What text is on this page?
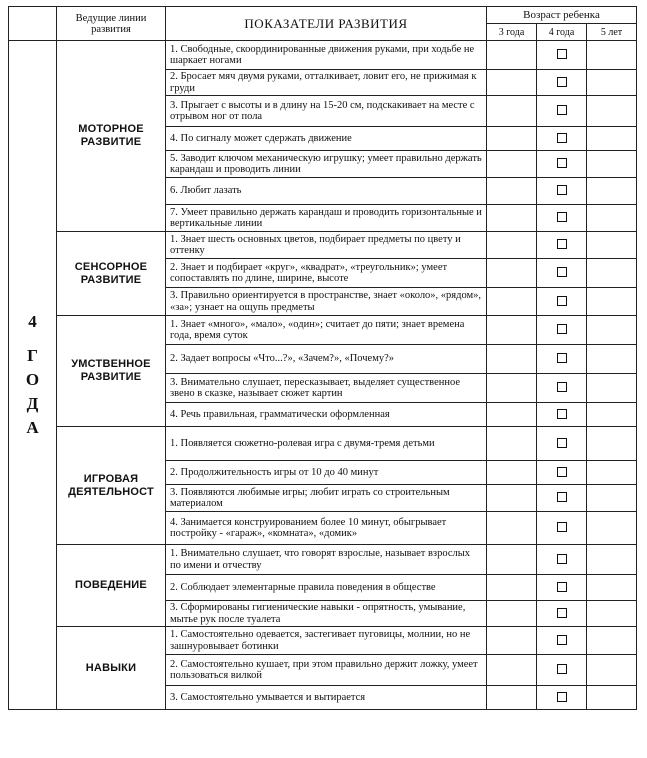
	Ведущие линии развития	ПОКАЗАТЕЛИ РАЗВИТИЯ	Возраст ребенка		
			3 года	4 года	5 лет

4
Г
О
Д
А	МОТОРНОЕ РАЗВИТИЕ	1. Свободные, скоординированные движения руками, при ходьбе не шаркает ногами			
		2. Бросает мяч двумя руками, отталкивает, ловит его, не прижимая к груди			
		3. Прыгает с высоты и в длину на 15-20 см, подскакивает на месте с отрывом ног от пола			
		4. По сигналу может сдержать движение			
		5. Заводит ключом механическую игрушку; умеет правильно держать карандаш и проводить линии			
		6. Любит лазать			
		7. Умеет правильно держать карандаш и проводить горизонтальные и вертикальные линии			
	СЕНСОРНОЕ РАЗВИТИЕ	1. Знает шесть основных цветов, подбирает предметы по цвету и оттенку			
		2. Знает и подбирает «круг», «квадрат», «треугольник»; умеет сопоставлять по длине, ширине, высоте			
		3. Правильно ориентируется в пространстве, знает «около», «рядом», «за»; узнает на ощупь предметы			
	УМСТВЕННОЕ РАЗВИТИЕ	1. Знает «много», «мало», «один»; считает до пяти; знает времена года, время суток			
		2. Задает вопросы «Что...?», «Зачем?», «Почему?»			
		3. Внимательно слушает, пересказывает, выделяет существенное звено в сказке, называет сюжет картин			
		4. Речь правильная, грамматически оформленная			
	ИГРОВАЯ ДЕЯТЕЛЬНОСТ	1. Появляется сюжетно-ролевая игра с двумя-тремя детьми			
		2. Продолжительность игры от 10 до 40 минут			
		3. Появляются любимые игры; любит играть со строительным материалом			
		4. Занимается конструированием более 10 минут, обыгрывает постройку - «гараж», «комната», «домик»			
	ПОВЕДЕНИЕ	1. Внимательно слушает, что говорят взрослые, называет взрослых по имени и отчеству			
		2. Соблюдает элементарные правила поведения в обществе			
		3. Сформированы гигиенические навыки - опрятность, умывание, мытье рук после туалета			
	НАВЫКИ	1. Самостоятельно одевается, застегивает пуговицы, молнии, но не зашнуровывает ботинки			
		2. Самостоятельно кушает, при этом правильно держит ложку, умеет пользоваться вилкой			
		3. Самостоятельно умывается и вытирается			
